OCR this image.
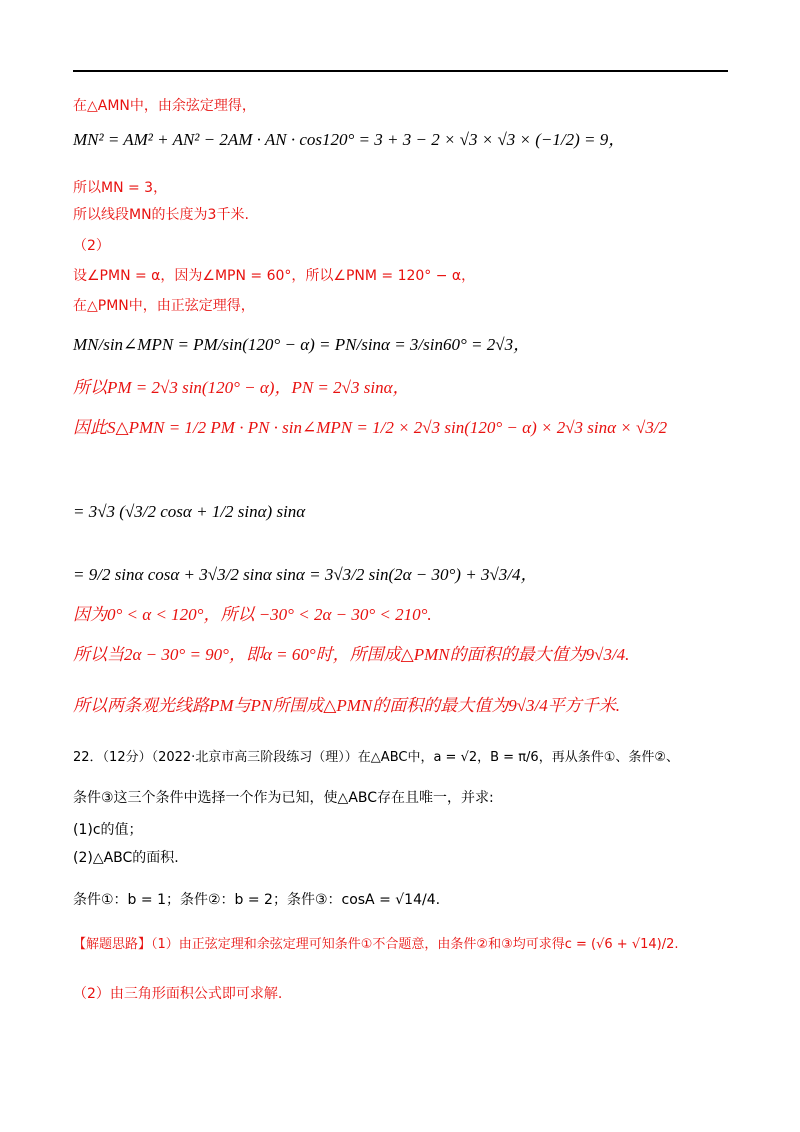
在△AMN中，由余弦定理得，
MN² = AM² + AN² − 2AM · AN · cos120° = 3 + 3 − 2 × √3 × √3 × (−1/2) = 9，
所以MN = 3，
所以线段MN的长度为3千米.
（2）
设∠PMN = α，因为∠MPN = 60°，所以∠PNM = 120° − α，
在△PMN中，由正弦定理得，
MN/sin∠MPN = PM/sin(120° − α) = PN/sinα = 3/sin60° = 2√3，
所以PM = 2√3 sin(120° − α)，PN = 2√3 sinα，
因此S△PMN = 1/2 PM · PN · sin∠MPN = 1/2 × 2√3 sin(120° − α) × 2√3 sinα × √3/2
= 3√3 (√3/2 cosα + 1/2 sinα) sinα
= 9/2 sinα cosα + 3√3/2 sinα sinα = 3√3/2 sin(2α − 30°) + 3√3/4，
因为0° < α < 120°，所以 −30° < 2α − 30° < 210°.
所以当2α − 30° = 90°，即α = 60°时，所围成△PMN的面积的最大值为9√3/4.
所以两条观光线路PM与PN所围成△PMN的面积的最大值为9√3/4平方千米.
22．（12分）（2022·北京市高三阶段练习（理））在△ABC中，a = √2，B = π/6，再从条件①、条件②、
条件③这三个条件中选择一个作为已知，使△ABC存在且唯一，并求:
(1)c的值；
(2)△ABC的面积.
条件①：b = 1；条件②：b = 2；条件③：cosA = √14/4.
【解题思路】（1）由正弦定理和余弦定理可知条件①不合题意，由条件②和③均可求得c = (√6 + √14)/2.
（2）由三角形面积公式即可求解.
